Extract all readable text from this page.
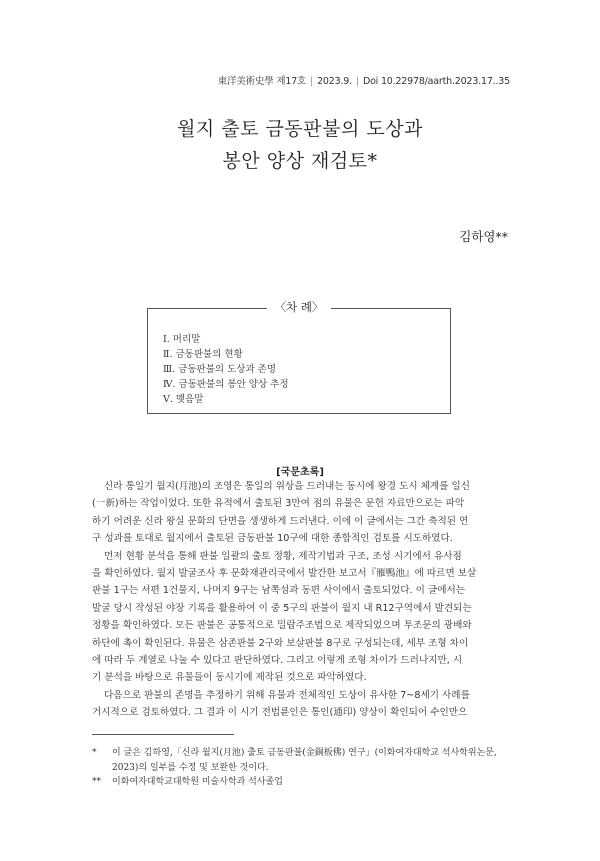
東洋美術史學 제17호 | 2023.9. | Doi 10.22978/aarth.2023.17..35
월지 출토 금동판불의 도상과
봉안 양상 재검토*
김하영**
〈차 례〉
Ⅰ. 머리말
Ⅱ. 금동판불의 현황
Ⅲ. 금동판불의 도상과 존명
Ⅳ. 금동판불의 봉안 양상 추정
Ⅴ. 맺음말
[국문초록]

신라 통일기 월지(月池)의 조영은 통일의 위상을 드러내는 동시에 왕경 도시 체계를 일신
(一新)하는 작업이었다. 또한 유적에서 출토된 3만여 점의 유물은 문헌 자료만으로는 파악
하기 어려운 신라 왕실 문화의 단면을 생생하게 드러낸다. 이에 이 글에서는 그간 축적된 연
구 성과를 토대로 월지에서 출토된 금동판불 10구에 대한 종합적인 검토를 시도하였다.

먼저 현황 분석을 통해 판불 일괄의 출토 정황, 제작기법과 구조, 조성 시기에서 유사점
을 확인하였다. 월지 발굴조사 후 문화재관리국에서 발간한 보고서『雁鴨池』에 따르면 보살
판불 1구는 서편 1건물지, 나머지 9구는 남쪽섬과 동편 사이에서 출토되었다. 이 글에서는
발굴 당시 작성된 야장 기록을 활용하여 이 중 5구의 판불이 월지 내 R12구역에서 발견되는
정황을 확인하였다. 모든 판불은 공통적으로 밀랍주조법으로 제작되었으며 투조문의 광배와
하단에 촉이 확인된다. 유물은 삼존판불 2구와 보살판불 8구로 구성되는데, 세부 조형 차이
에 따라 두 계열로 나눌 수 있다고 판단하였다. 그리고 이렇게 조형 차이가 드러나지만, 시
기 분석을 바탕으로 유물들이 동시기에 제작된 것으로 파악하였다.

다음으로 판불의 존명을 추정하기 위해 유물과 전체적인 도상이 유사한 7~8세기 사례를
거시적으로 검토하였다. 그 결과 이 시기 전법륜인은 통인(通印) 양상이 확인되어 수인만으

* 이 글은 김하영,「신라 월지(月池) 출토 금동판불(金銅板佛) 연구」(이화여자대학교 석사학위논문,
2023)의 일부를 수정 및 보완한 것이다.
** 이화여자대학교대학원 미술사학과 석사졸업
